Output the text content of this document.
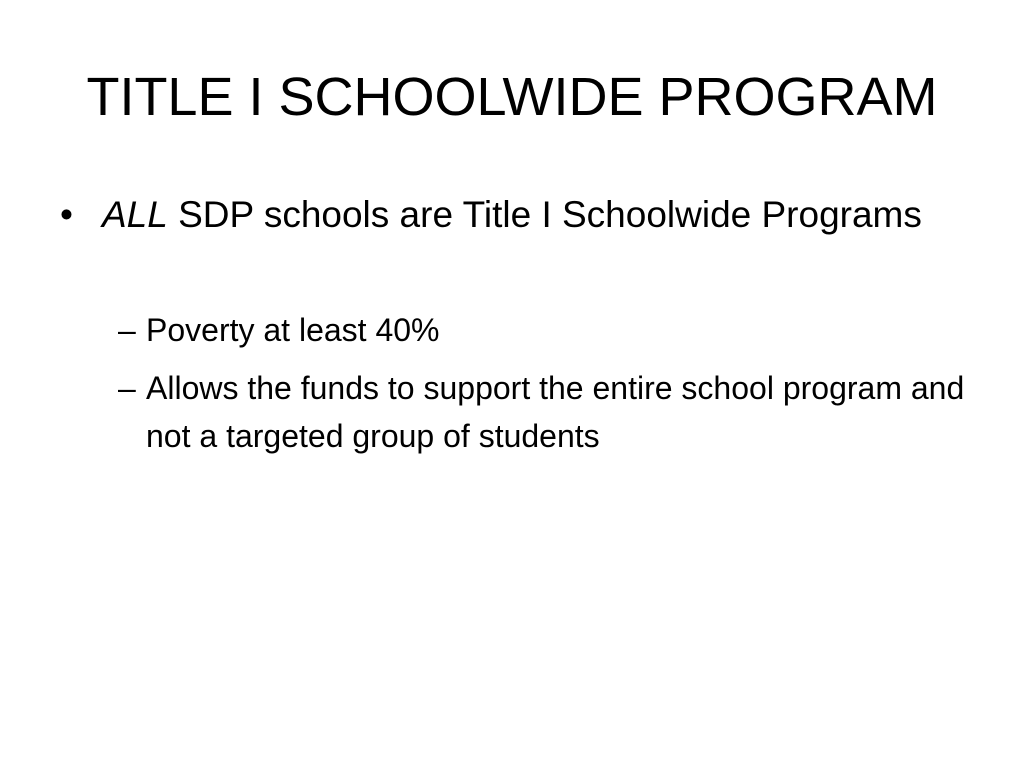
TITLE I SCHOOLWIDE PROGRAM
• ALL SDP schools are Title I Schoolwide Programs
– Poverty at least 40%
– Allows the funds to support the entire school program and not a targeted group of students
